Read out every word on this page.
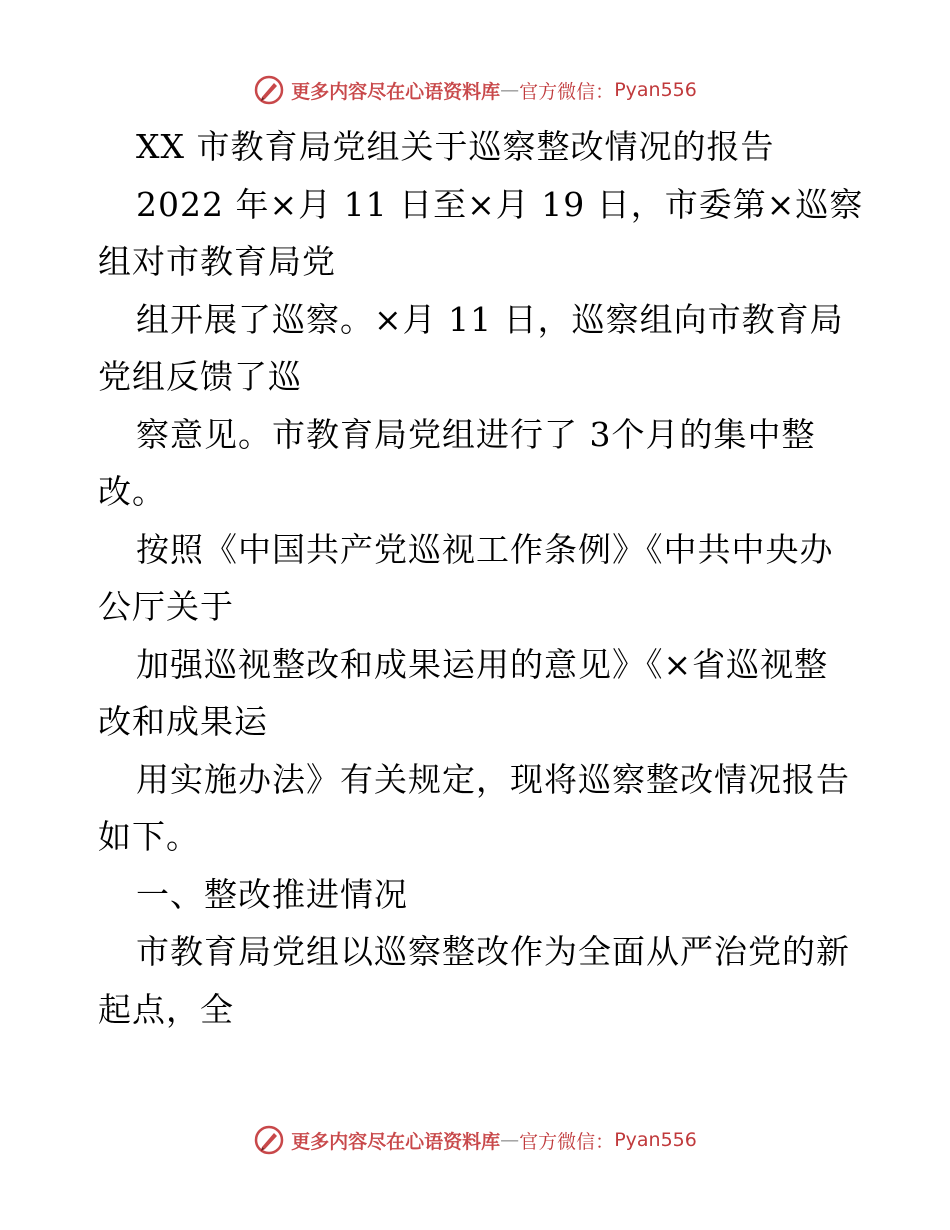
更多内容尽在心语资料库 — 官方微信： Pyan556
XX 市教育局党组关于巡察整改情况的报告
2022 年×月 11 日至×月 19 日，市委第×巡察
组对市教育局党
组开展了巡察。×月 11 日，巡察组向市教育局
党组反馈了巡
察意见。市教育局党组进行了 3个月的集中整
改。
按照《中国共产党巡视工作条例》《中共中央办
公厅关于
加强巡视整改和成果运用的意见》《×省巡视整
改和成果运
用实施办法》有关规定，现将巡察整改情况报告
如下。
一、整改推进情况
市教育局党组以巡察整改作为全面从严治党的新
起点，全
更多内容尽在心语资料库 — 官方微信： Pyan556
